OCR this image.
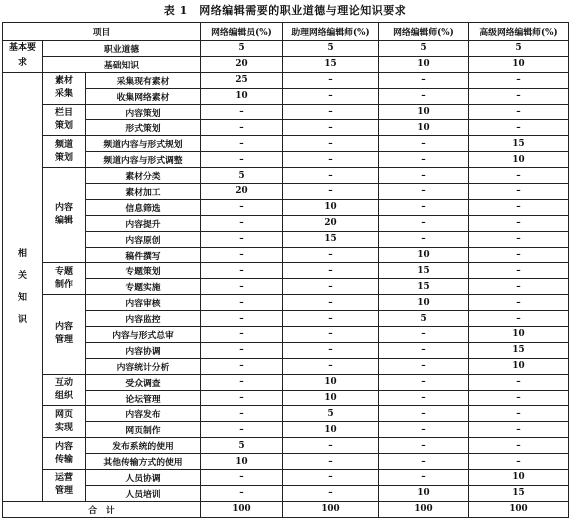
表 1　网络编辑需要的职业道德与理论知识要求
项目			网络编辑员(%)	助理网络编辑师(%)	网络编辑师(%)	高级网络编辑师(%)
基本要求	职业道德		5	5	5	5
	基础知识		20	15	10	10
相关知识	素材采集	采集现有素材	25	–	–	–
		收集网络素材	10	–	–	–
	栏目策划	内容策划	–	–	10	–
		形式策划	–	–	10	–
	频道策划	频道内容与形式规划	–	–	–	15
		频道内容与形式调整	–	–	–	10
	内容编辑	素材分类	5	–	–	–
		素材加工	20	–	–	–
		信息筛选	–	10	–	–
		内容提升	–	20	–	–
		内容原创	–	15	–	–
		稿件撰写	–	–	10	–
	专题制作	专题策划	–	–	15	–
		专题实施	–	–	15	–
	内容管理	内容审核	–	–	10	–
		内容监控	–	–	5	–
		内容与形式总审	–	–	–	10
		内容协调	–	–	–	15
		内容统计分析	–	–	–	10
	互动组织	受众调查	–	10	–	–
		论坛管理	–	10	–	–
	网页实现	内容发布	–	5	–	–
		网页制作	–	10	–	–
	内容传输	发布系统的使用	5	–	–	–
		其他传输方式的使用	10	–	–	–
	运营管理	人员协调	–	–	–	10
		人员培训	–	–	10	15
合　计			100	100	100	100
